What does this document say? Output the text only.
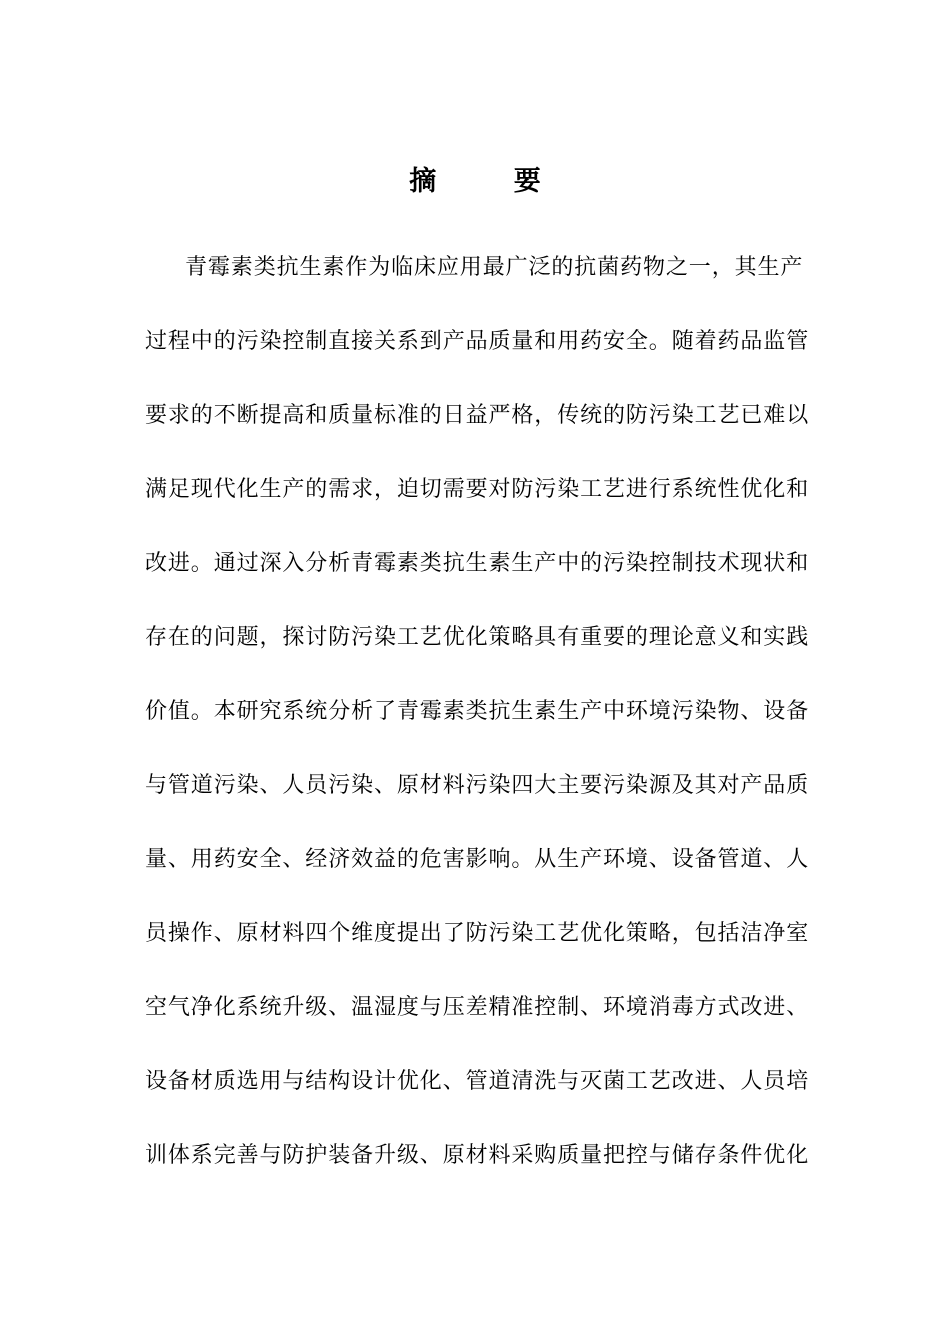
摘 要
青霉素类抗生素作为临床应用最广泛的抗菌药物之一，其生产
过程中的污染控制直接关系到产品质量和用药安全。随着药品监管
要求的不断提高和质量标准的日益严格，传统的防污染工艺已难以
满足现代化生产的需求，迫切需要对防污染工艺进行系统性优化和
改进。通过深入分析青霉素类抗生素生产中的污染控制技术现状和
存在的问题，探讨防污染工艺优化策略具有重要的理论意义和实践
价值。本研究系统分析了青霉素类抗生素生产中环境污染物、设备
与管道污染、人员污染、原材料污染四大主要污染源及其对产品质
量、用药安全、经济效益的危害影响。从生产环境、设备管道、人
员操作、原材料四个维度提出了防污染工艺优化策略，包括洁净室
空气净化系统升级、温湿度与压差精准控制、环境消毒方式改进、
设备材质选用与结构设计优化、管道清洗与灭菌工艺改进、人员培
训体系完善与防护装备升级、原材料采购质量把控与储存条件优化
